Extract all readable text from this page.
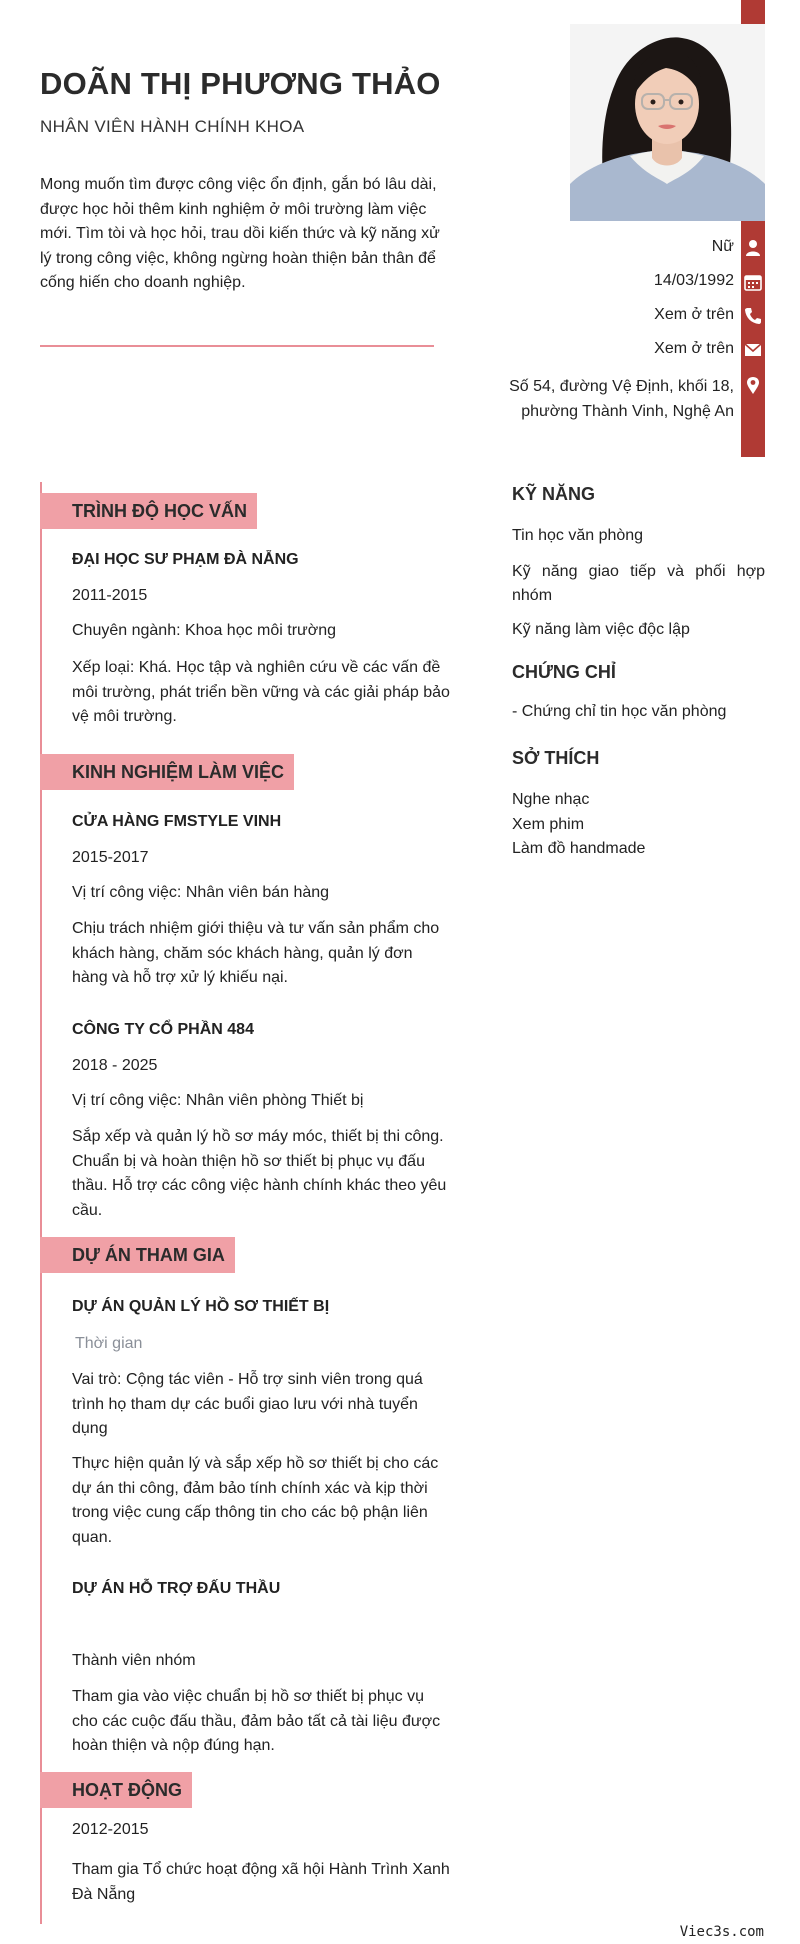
DOÃN THỊ PHƯƠNG THẢO
NHÂN VIÊN HÀNH CHÍNH KHOA
Mong muốn tìm được công việc ổn định, gắn bó lâu dài, được học hỏi thêm kinh nghiệm ở môi trường làm việc mới. Tìm tòi và học hỏi, trau dồi kiến thức và kỹ năng xử lý trong công việc, không ngừng hoàn thiện bản thân để cống hiến cho doanh nghiệp.
Nữ
14/03/1992
Xem ở trên
Xem ở trên
Số 54, đường Vệ Định, khối 18, phường Thành Vinh, Nghệ An
TRÌNH ĐỘ HỌC VẤN
ĐẠI HỌC SƯ PHẠM ĐÀ NẴNG
2011-2015
Chuyên ngành: Khoa học môi trường
Xếp loại: Khá. Học tập và nghiên cứu về các vấn đề môi trường, phát triển bền vững và các giải pháp bảo vệ môi trường.
KINH NGHIỆM LÀM VIỆC
CỬA HÀNG FMSTYLE VINH
2015-2017
Vị trí công việc: Nhân viên bán hàng
Chịu trách nhiệm giới thiệu và tư vấn sản phẩm cho khách hàng, chăm sóc khách hàng, quản lý đơn hàng và hỗ trợ xử lý khiếu nại.
CÔNG TY CỔ PHẦN 484
2018 - 2025
Vị trí công việc: Nhân viên phòng Thiết bị
Sắp xếp và quản lý hồ sơ máy móc, thiết bị thi công. Chuẩn bị và hoàn thiện hồ sơ thiết bị phục vụ đấu thầu. Hỗ trợ các công việc hành chính khác theo yêu cầu.
DỰ ÁN THAM GIA
DỰ ÁN QUẢN LÝ HỒ SƠ THIẾT BỊ
Thời gian
Vai trò: Cộng tác viên - Hỗ trợ sinh viên trong quá trình họ tham dự các buổi giao lưu với nhà tuyển dụng
Thực hiện quản lý và sắp xếp hồ sơ thiết bị cho các dự án thi công, đảm bảo tính chính xác và kịp thời trong việc cung cấp thông tin cho các bộ phận liên quan.
DỰ ÁN HỖ TRỢ ĐẤU THẦU
Thành viên nhóm
Tham gia vào việc chuẩn bị hồ sơ thiết bị phục vụ cho các cuộc đấu thầu, đảm bảo tất cả tài liệu được hoàn thiện và nộp đúng hạn.
HOẠT ĐỘNG
2012-2015
Tham gia Tổ chức hoạt động xã hội Hành Trình Xanh Đà Nẵng
KỸ NĂNG
Tin học văn phòng
Kỹ năng giao tiếp và phối hợp nhóm
Kỹ năng làm việc độc lập
CHỨNG CHỈ
- Chứng chỉ tin học văn phòng
SỞ THÍCH
Nghe nhạc
Xem phim
Làm đồ handmade
Viec3s.com
